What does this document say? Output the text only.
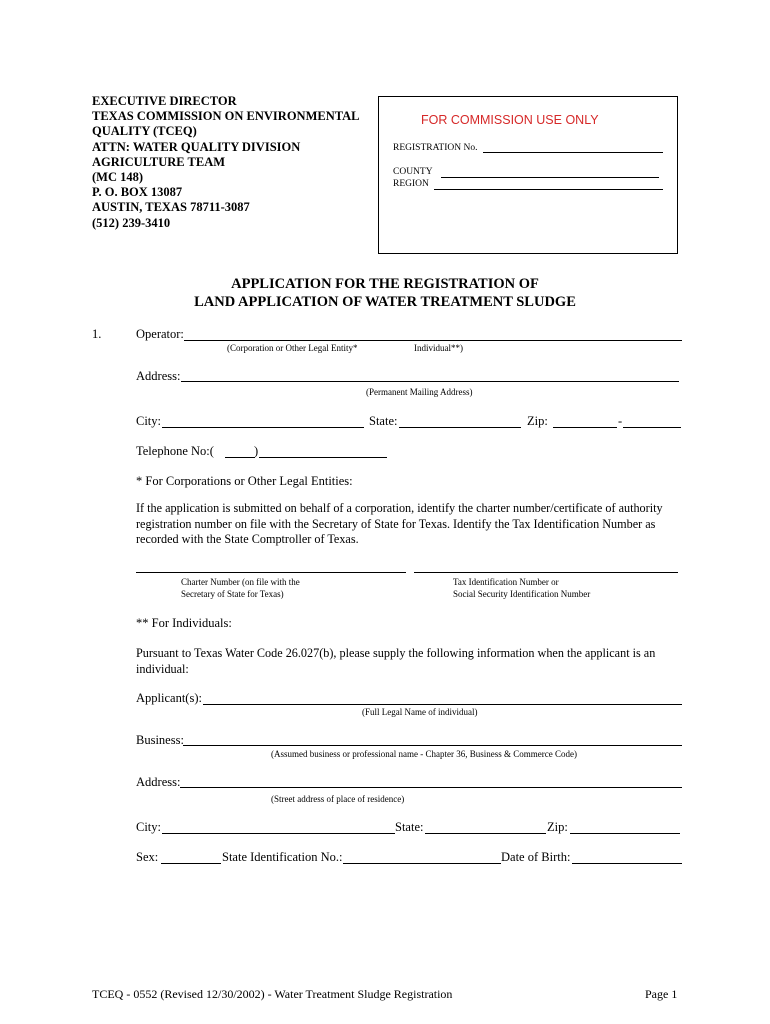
EXECUTIVE DIRECTOR
TEXAS COMMISSION ON ENVIRONMENTAL
QUALITY (TCEQ)
ATTN: WATER QUALITY DIVISION
AGRICULTURE TEAM
(MC 148)
P. O. BOX 13087
AUSTIN, TEXAS 78711-3087
(512) 239-3410
FOR COMMISSION USE ONLY
REGISTRATION No.
COUNTY
REGION
APPLICATION FOR THE REGISTRATION OF
LAND APPLICATION OF WATER TREATMENT SLUDGE
1.	Operator:
(Corporation or Other Legal Entity*	Individual**)
Address:
(Permanent Mailing Address)
City:	State:	Zip:	-
Telephone No:(	)
* For Corporations or Other Legal Entities:
If the application is submitted on behalf of a corporation, identify the charter number/certificate of authority
registration number on file with the Secretary of State for Texas. Identify the Tax Identification Number as
recorded with the State Comptroller of Texas.
Charter Number (on file with the
Secretary of State for Texas)
Tax Identification Number or
Social Security Identification Number
** For Individuals:
Pursuant to Texas Water Code 26.027(b), please supply the following information when the applicant is an
individual:
Applicant(s):
(Full Legal Name of individual)
Business:
(Assumed business or professional name - Chapter 36, Business & Commerce Code)
Address:
(Street address of place of residence)
City:	State:	Zip:
Sex:	State Identification No.:	Date of Birth:
TCEQ - 0552 (Revised 12/30/2002) - Water Treatment Sludge Registration	Page 1
